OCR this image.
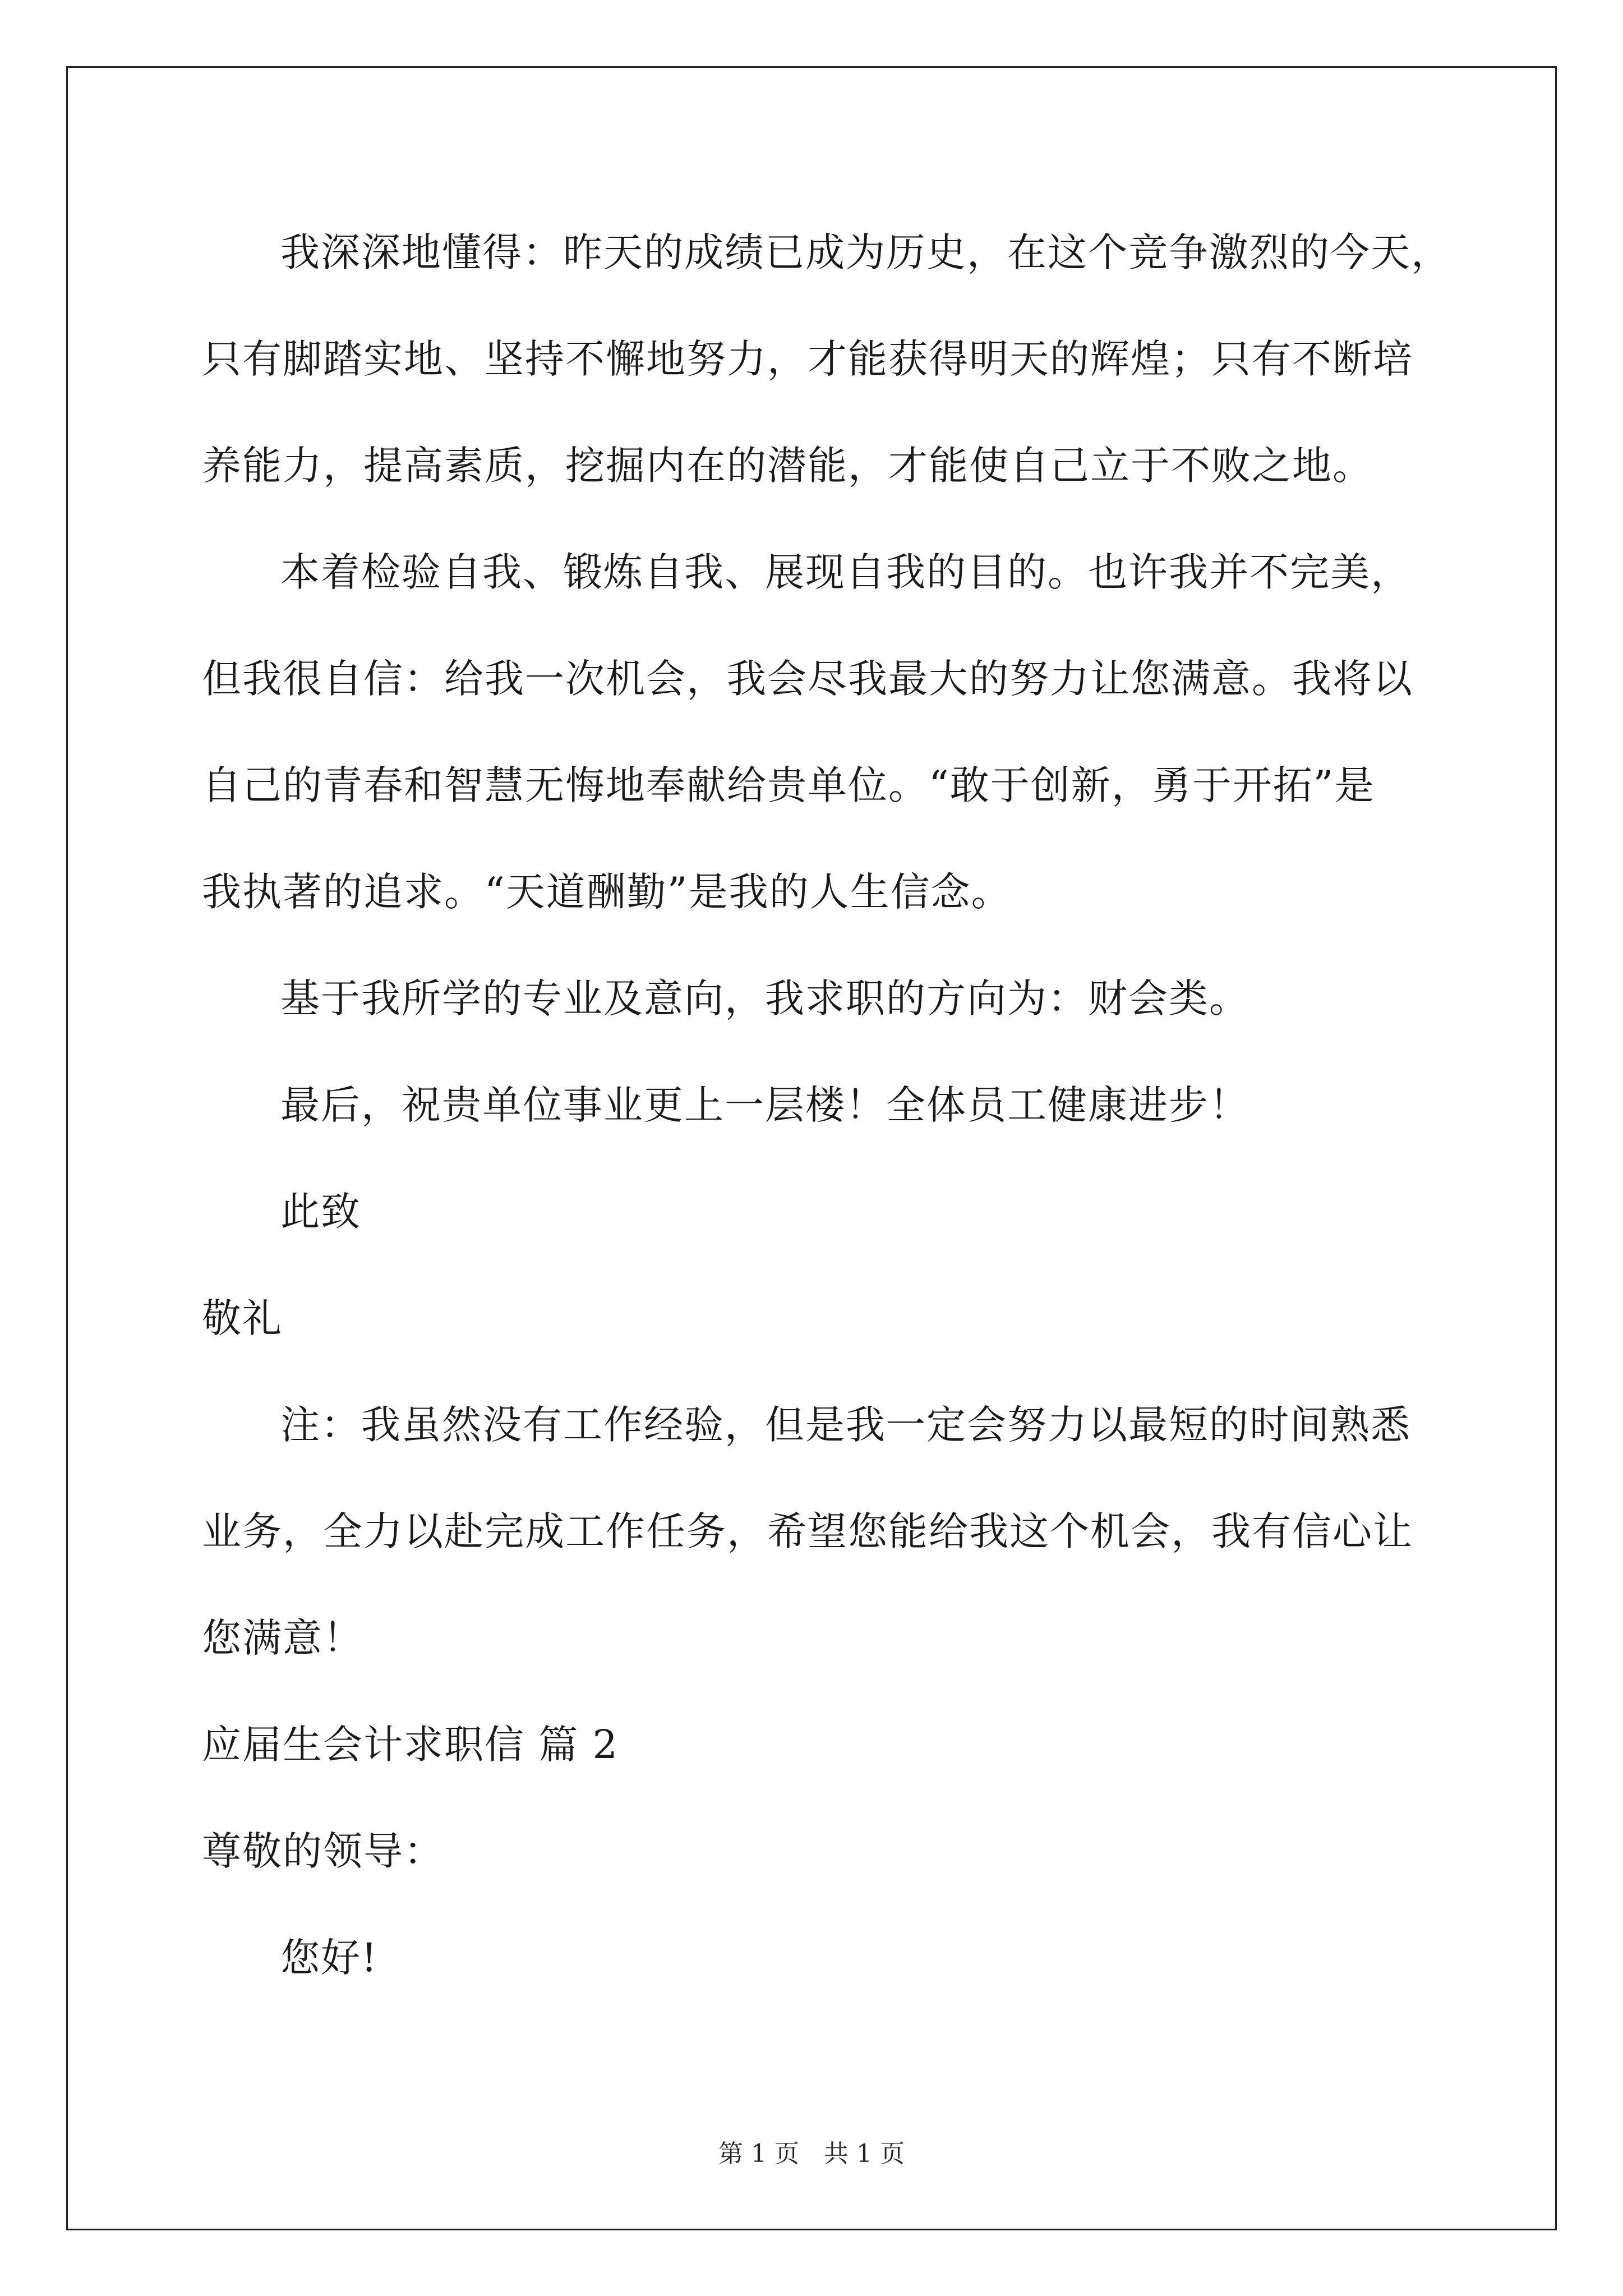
我深深地懂得：昨天的成绩已成为历史，在这个竞争激烈的今天，
只有脚踏实地、坚持不懈地努力，才能获得明天的辉煌；只有不断培
养能力，提高素质，挖掘内在的潜能，才能使自己立于不败之地。
本着检验自我、锻炼自我、展现自我的目的。也许我并不完美，
但我很自信：给我一次机会，我会尽我最大的努力让您满意。我将以
自己的青春和智慧无悔地奉献给贵单位。“敢于创新，勇于开拓”是
我执著的追求。“天道酬勤”是我的人生信念。
基于我所学的专业及意向，我求职的方向为：财会类。
最后，祝贵单位事业更上一层楼！全体员工健康进步！
此致
敬礼
注：我虽然没有工作经验，但是我一定会努力以最短的时间熟悉
业务，全力以赴完成工作任务，希望您能给我这个机会，我有信心让
您满意！
应届生会计求职信 篇 2
尊敬的领导：
您好!
第 1 页　共 1 页
